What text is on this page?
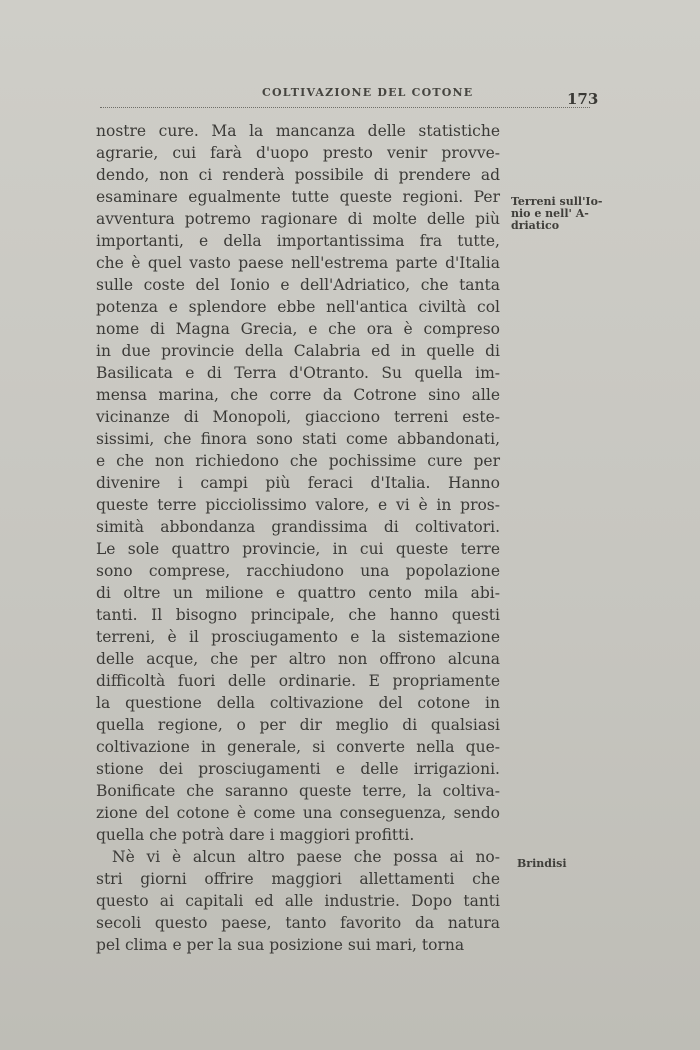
COLTIVAZIONE DEL COTONE	173
Terreni sull'Io-
nio e nell' A-
driatico
Brindisi
nostre cure. Ma la mancanza delle statistiche
agrarie, cui farà d'uopo presto venir provve-
dendo, non ci renderà possibile di prendere ad
esaminare egualmente tutte queste regioni. Per
avventura potremo ragionare di molte delle più
importanti, e della importantissima fra tutte,
che è quel vasto paese nell'estrema parte d'Italia
sulle coste del Ionio e dell'Adriatico, che tanta
potenza e splendore ebbe nell'antica civiltà col
nome di Magna Grecia, e che ora è compreso
in due provincie della Calabria ed in quelle di
Basilicata e di Terra d'Otranto. Su quella im-
mensa marina, che corre da Cotrone sino alle
vicinanze di Monopoli, giacciono terreni este-
sissimi, che finora sono stati come abbandonati,
e che non richiedono che pochissime cure per
divenire i campi più feraci d'Italia. Hanno
queste terre picciolissimo valore, e vi è in pros-
simità abbondanza grandissima di coltivatori.
Le sole quattro provincie, in cui queste terre
sono comprese, racchiudono una popolazione
di oltre un milione e quattro cento mila abi-
tanti. Il bisogno principale, che hanno questi
terreni, è il prosciugamento e la sistemazione
delle acque, che per altro non offrono alcuna
difficoltà fuori delle ordinarie. E propriamente
la questione della coltivazione del cotone in
quella regione, o per dir meglio di qualsiasi
coltivazione in generale, si converte nella que-
stione dei prosciugamenti e delle irrigazioni.
Bonificate che saranno queste terre, la coltiva-
zione del cotone è come una conseguenza, sendo
quella che potrà dare i maggiori profitti.
Nè vi è alcun altro paese che possa ai no-
stri giorni offrire maggiori allettamenti che
questo ai capitali ed alle industrie. Dopo tanti
secoli questo paese, tanto favorito da natura
pel clima e per la sua posizione sui mari, torna
